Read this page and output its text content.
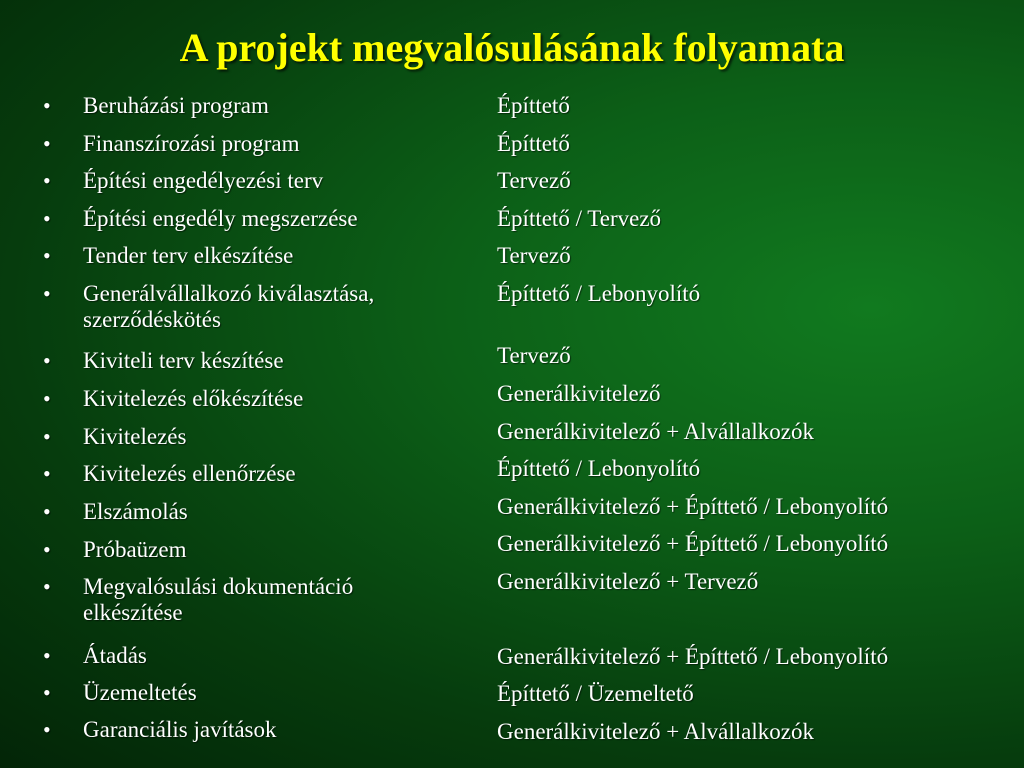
A projekt megvalósulásának folyamata
• Beruházási program
• Finanszírozási program
• Építési engedélyezési terv
• Építési engedély megszerzése
• Tender terv elkészítése
• Generálvállalkozó kiválasztása, szerződéskötés
• Kiviteli terv készítése
• Kivitelezés előkészítése
• Kivitelezés
• Kivitelezés ellenőrzése
• Elszámolás
• Próbaüzem
• Megvalósulási dokumentáció elkészítése
• Átadás
• Üzemeltetés
• Garanciális javítások
Építtető
Építtető
Tervező
Építtető / Tervező
Tervező
Építtető / Lebonyolító
Tervező
Generálkivitelező
Generálkivitelező + Alvállalkozók
Építtető / Lebonyolító
Generálkivitelező + Építtető / Lebonyolító
Generálkivitelező + Építtető / Lebonyolító
Generálkivitelező + Tervező
Generálkivitelező + Építtető / Lebonyolító
Építtető / Üzemeltető
Generálkivitelező + Alvállalkozók
